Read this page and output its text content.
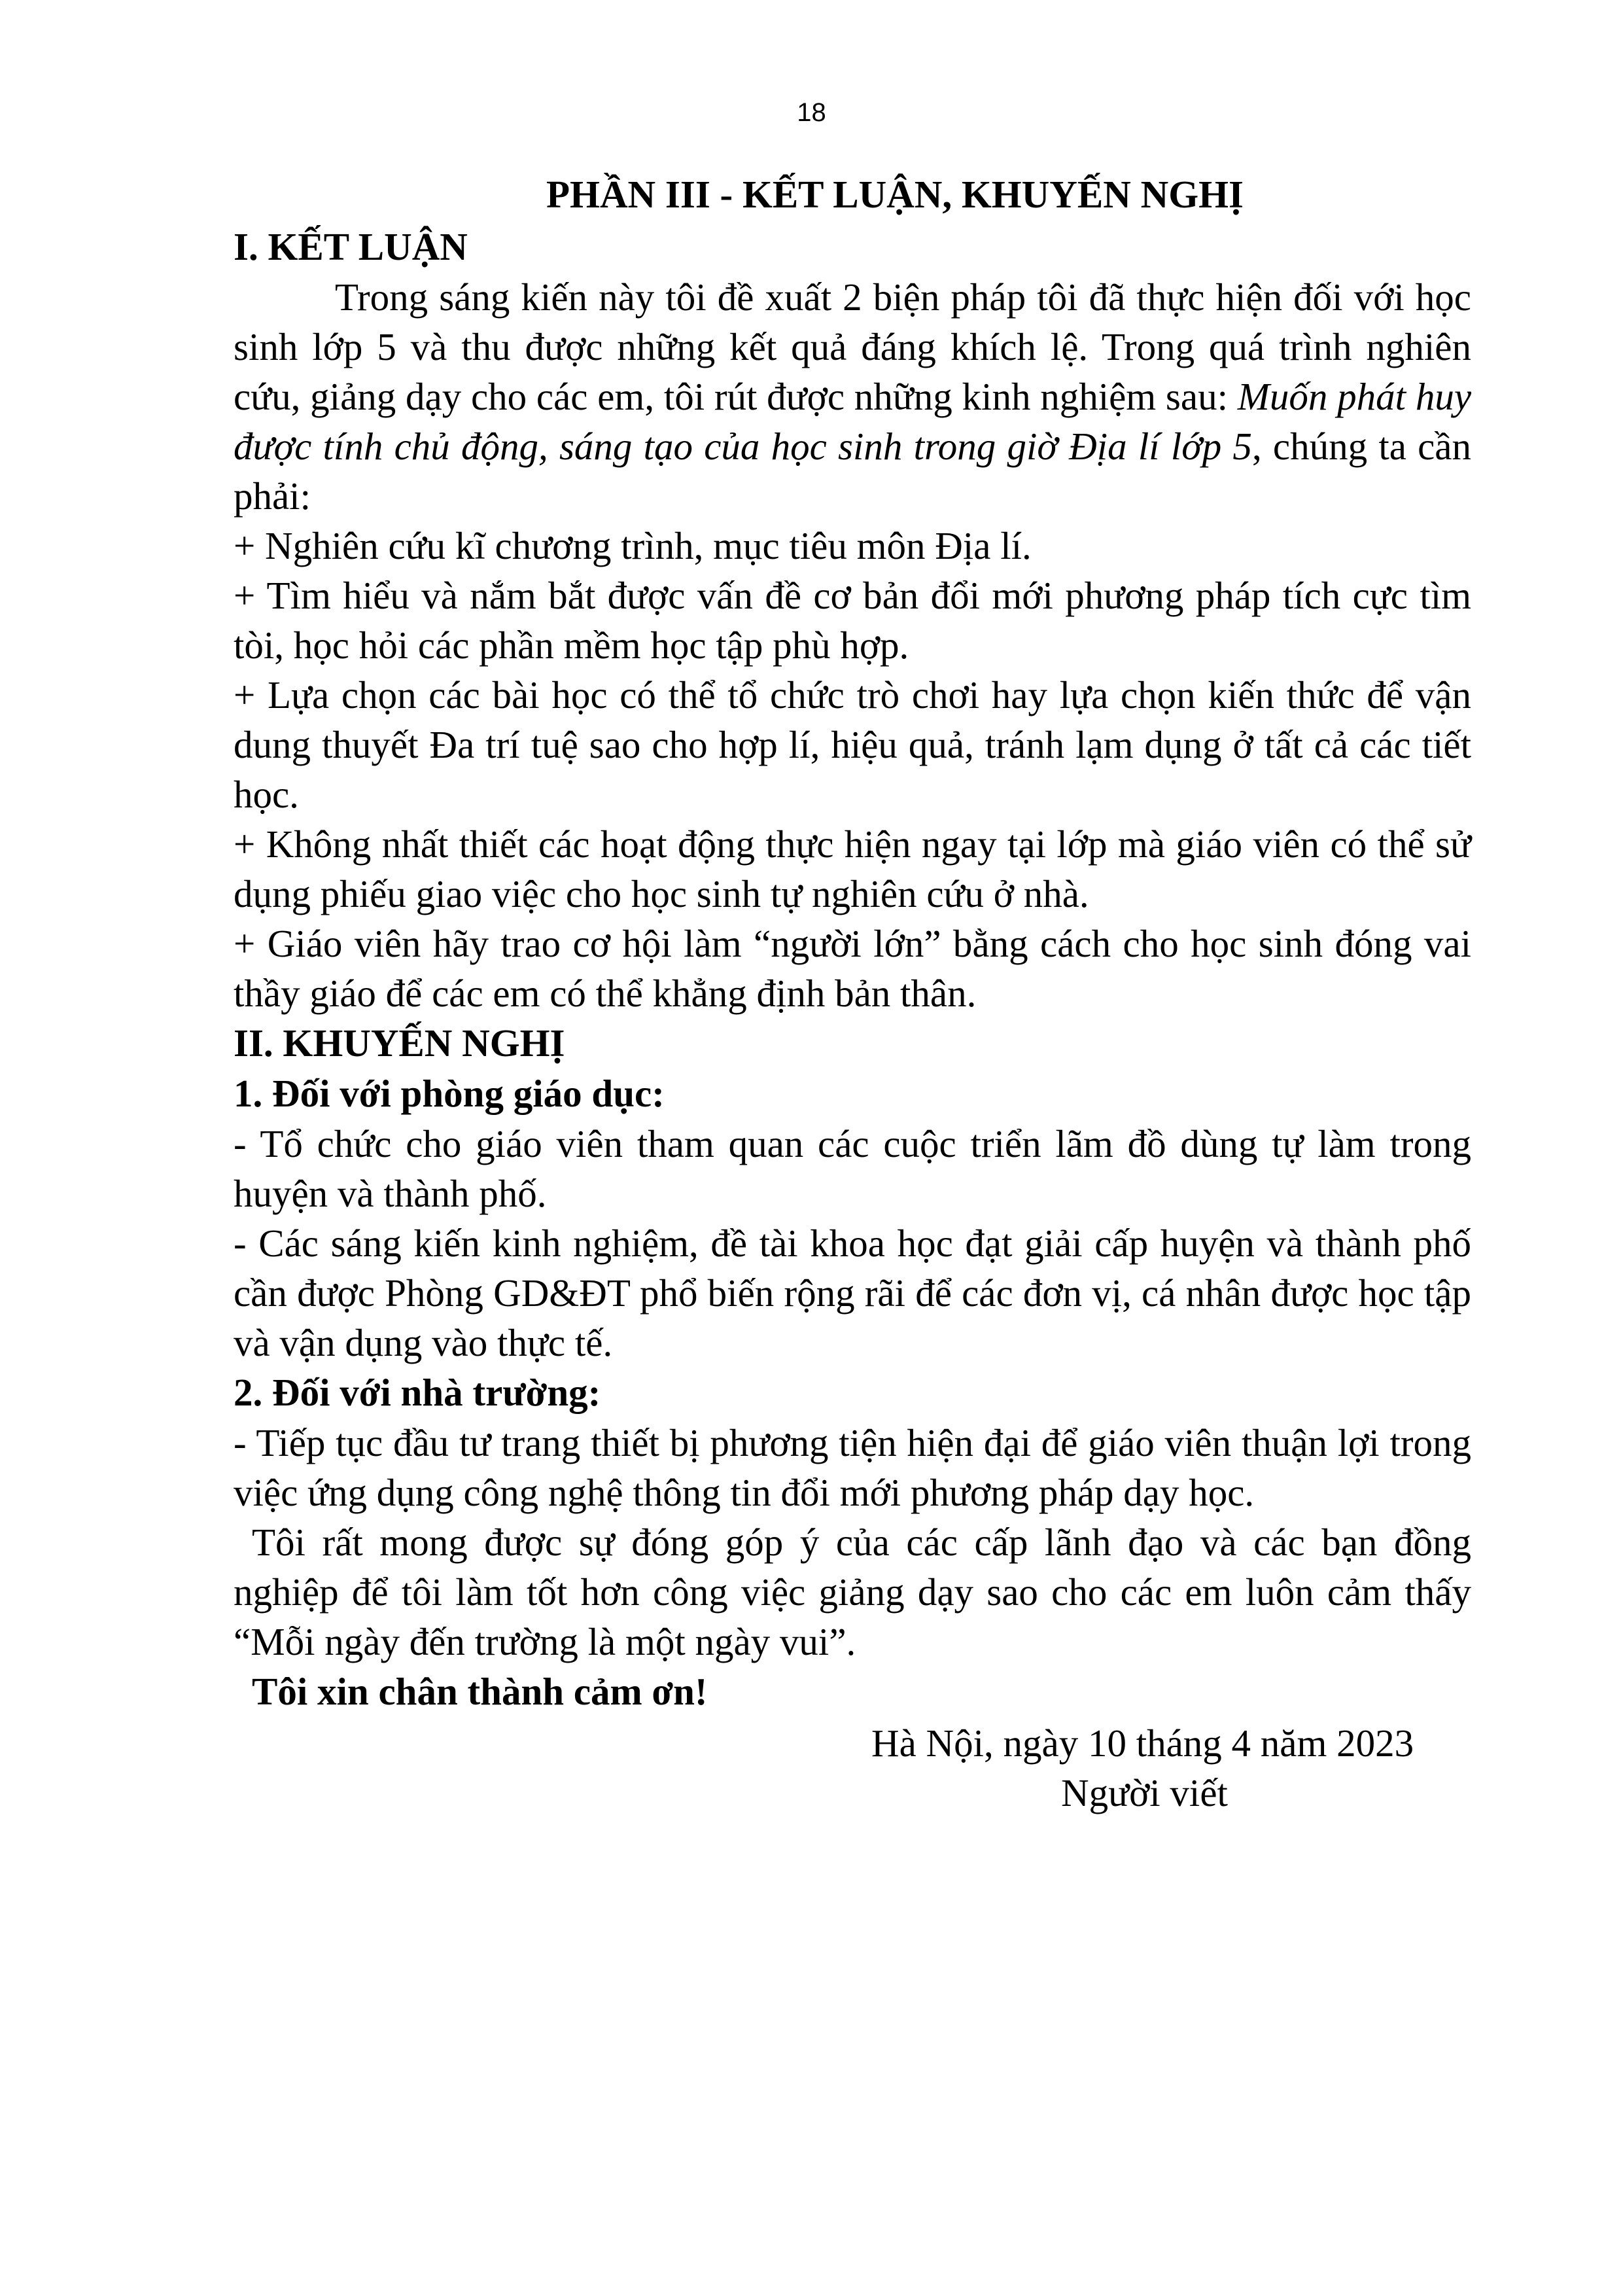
18

PHẦN III - KẾT LUẬN, KHUYẾN NGHỊ

I. KẾT LUẬN

Trong sáng kiến này tôi đề xuất 2 biện pháp tôi đã thực hiện đối với học sinh lớp 5 và thu được những kết quả đáng khích lệ. Trong quá trình nghiên cứu, giảng dạy cho các em, tôi rút được những kinh nghiệm sau: Muốn phát huy được tính chủ động, sáng tạo của học sinh trong giờ Địa lí lớp 5, chúng ta cần phải:

+ Nghiên cứu kĩ chương trình, mục tiêu môn Địa lí.

+ Tìm hiểu và nắm bắt được vấn đề cơ bản đổi mới phương pháp tích cực tìm tòi, học hỏi các phần mềm học tập phù hợp.

+ Lựa chọn các bài học có thể tổ chức trò chơi hay lựa chọn kiến thức để vận dung thuyết Đa trí tuệ sao cho hợp lí, hiệu quả, tránh lạm dụng ở tất cả các tiết học.

+ Không nhất thiết các hoạt động thực hiện ngay tại lớp mà giáo viên có thể sử dụng phiếu giao việc cho học sinh tự nghiên cứu ở nhà.

+ Giáo viên hãy trao cơ hội làm “người lớn” bằng cách cho học sinh đóng vai thầy giáo để các em có thể khẳng định bản thân.

II. KHUYẾN NGHỊ

1. Đối với phòng giáo dục:

- Tổ chức cho giáo viên tham quan các cuộc triển lãm đồ dùng tự làm trong huyện và thành phố.

- Các sáng kiến kinh nghiệm, đề tài khoa học đạt giải cấp huyện và thành phố cần được Phòng GD&ĐT phổ biến rộng rãi để các đơn vị, cá nhân được học tập và vận dụng vào thực tế.

2. Đối với nhà trường:

- Tiếp tục đầu tư trang thiết bị phương tiện hiện đại để giáo viên thuận lợi trong việc ứng dụng công nghệ thông tin đổi mới phương pháp dạy học.

Tôi rất mong được sự đóng góp ý của các cấp lãnh đạo và các bạn đồng nghiệp để tôi làm tốt hơn công việc giảng dạy sao cho các em luôn cảm thấy “Mỗi ngày đến trường là một ngày vui”.

Tôi xin chân thành cảm ơn!

Hà Nội, ngày 10 tháng 4 năm 2023
Người viết
